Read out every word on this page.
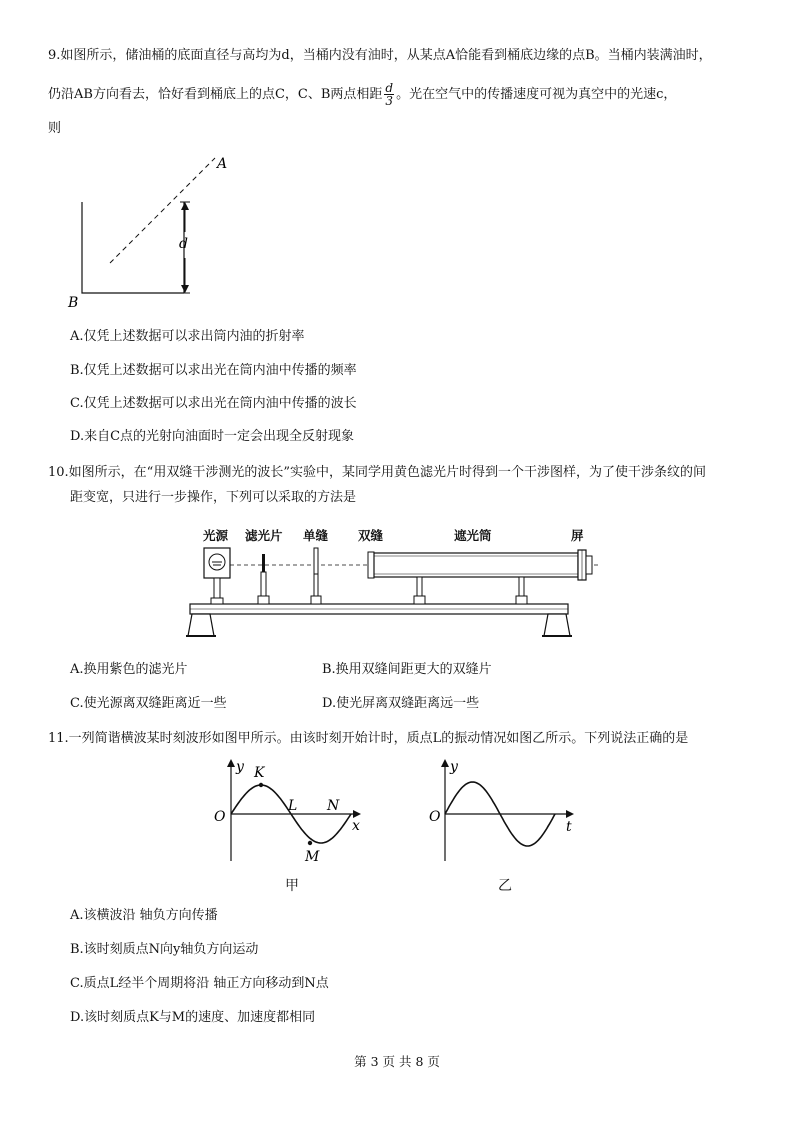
9.如图所示，储油桶的底面直径与高均为d，当桶内没有油时，从某点A恰能看到桶底边缘的点B。当桶内装满油时，
仍沿AB方向看去，恰好看到桶底上的点C，C、B两点相距 $\frac{d}{3}$ 。光在空气中的传播速度可视为真空中的光速c，
则
d
A
B
A.仅凭上述数据可以求出筒内油的折射率
B.仅凭上述数据可以求出光在筒内油中传播的频率
C.仅凭上述数据可以求出光在筒内油中传播的波长
D.来自C点的光射向油面时一定会出现全反射现象
10.如图所示，在“用双缝干涉测光的波长”实验中，某同学用黄色滤光片时得到一个干涉图样，为了使干涉条纹的间
距变宽，只进行一步操作，下列可以采取的方法是
光源 滤光片 单缝 双缝	遮光筒	屏
A.换用紫色的滤光片	B.换用双缝间距更大的双缝片
C.使光源离双缝距离近一些	D.使光屏离双缝距离远一些
11.一列简谐横波某时刻波形如图甲所示。由该时刻开始计时，质点L的振动情况如图乙所示。下列说法正确的是
y K
O
L N
x
M
甲
y
O
t
乙
A.该横波沿 轴负方向传播
B.该时刻质点N向y轴负方向运动
C.质点L经半个周期将沿 轴正方向移动到N点
D.该时刻质点K与M的速度、加速度都相同
第 3 页 共 8 页
